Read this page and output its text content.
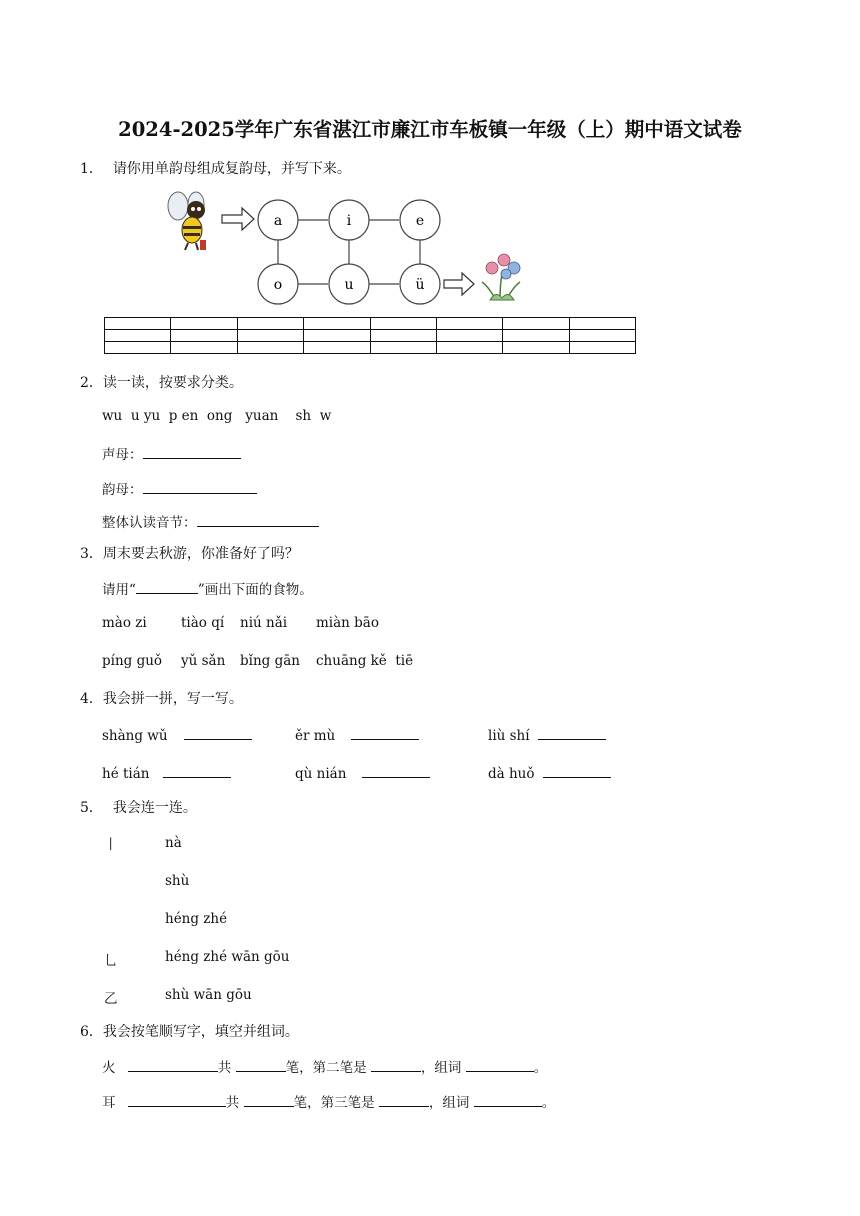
2024-2025学年广东省湛江市廉江市车板镇一年级（上）期中语文试卷
1． 请你用单韵母组成复韵母，并写下来。
a	i	e
o	u	ü

2．读一读，按要求分类。
wu  u yu  p en  ong   yuan    sh  w
声母：
韵母：
整体认读音节：
3．周末要去秋游，你准备好了吗？
请用“	”画出下面的食物。
mào zi	tiào qí niú nǎi miàn bāo
píng guǒ yǔ sǎn bǐng gān chuāng kě  tiē
4．我会拼一拼，写一写。
shàng wǔ	ěr mù	liù shí
hé tián	qù nián	dà huǒ
5． 我会连一连。
丨
乚
乙
nà
shù
héng zhé
héng zhé wān gōu
shù wān gōu
6．我会按笔顺写字，填空并组词。
火	共	笔，第二笔是	，组词	。
耳	共	笔，第三笔是	，组词	。
